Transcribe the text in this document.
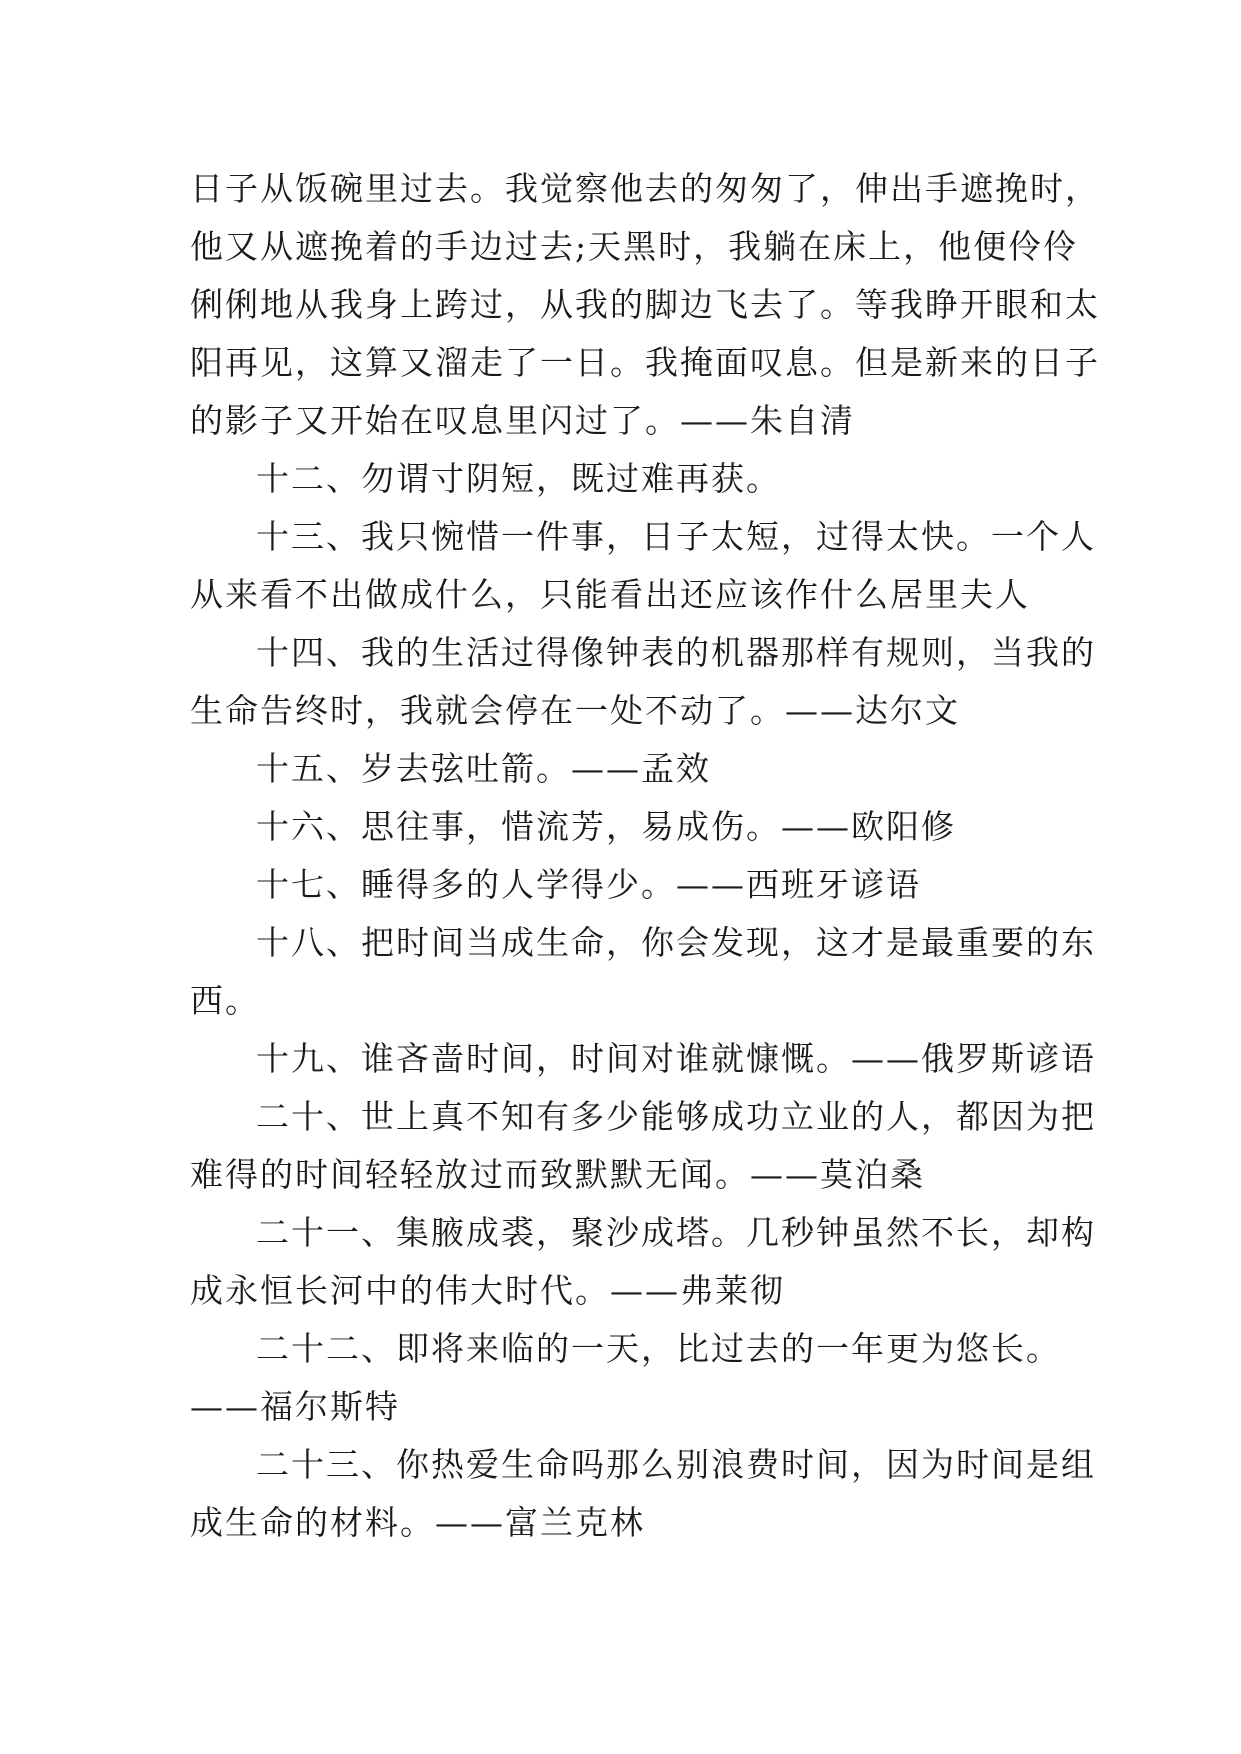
日子从饭碗里过去。我觉察他去的匆匆了，伸出手遮挽时，
他又从遮挽着的手边过去;天黑时，我躺在床上，他便伶伶
俐俐地从我身上跨过，从我的脚边飞去了。等我睁开眼和太
阳再见，这算又溜走了一日。我掩面叹息。但是新来的日子
的影子又开始在叹息里闪过了。——朱自清

十二、勿谓寸阴短，既过难再获。

十三、我只惋惜一件事，日子太短，过得太快。一个人
从来看不出做成什么，只能看出还应该作什么居里夫人

十四、我的生活过得像钟表的机器那样有规则，当我的
生命告终时，我就会停在一处不动了。——达尔文

十五、岁去弦吐箭。——孟效

十六、思往事，惜流芳，易成伤。——欧阳修

十七、睡得多的人学得少。——西班牙谚语

十八、把时间当成生命，你会发现，这才是最重要的东
西。

十九、谁吝啬时间，时间对谁就慷慨。——俄罗斯谚语

二十、世上真不知有多少能够成功立业的人，都因为把
难得的时间轻轻放过而致默默无闻。——莫泊桑

二十一、集腋成裘，聚沙成塔。几秒钟虽然不长，却构
成永恒长河中的伟大时代。——弗莱彻

二十二、即将来临的一天，比过去的一年更为悠长。
——福尔斯特

二十三、你热爱生命吗那么别浪费时间，因为时间是组
成生命的材料。——富兰克林
